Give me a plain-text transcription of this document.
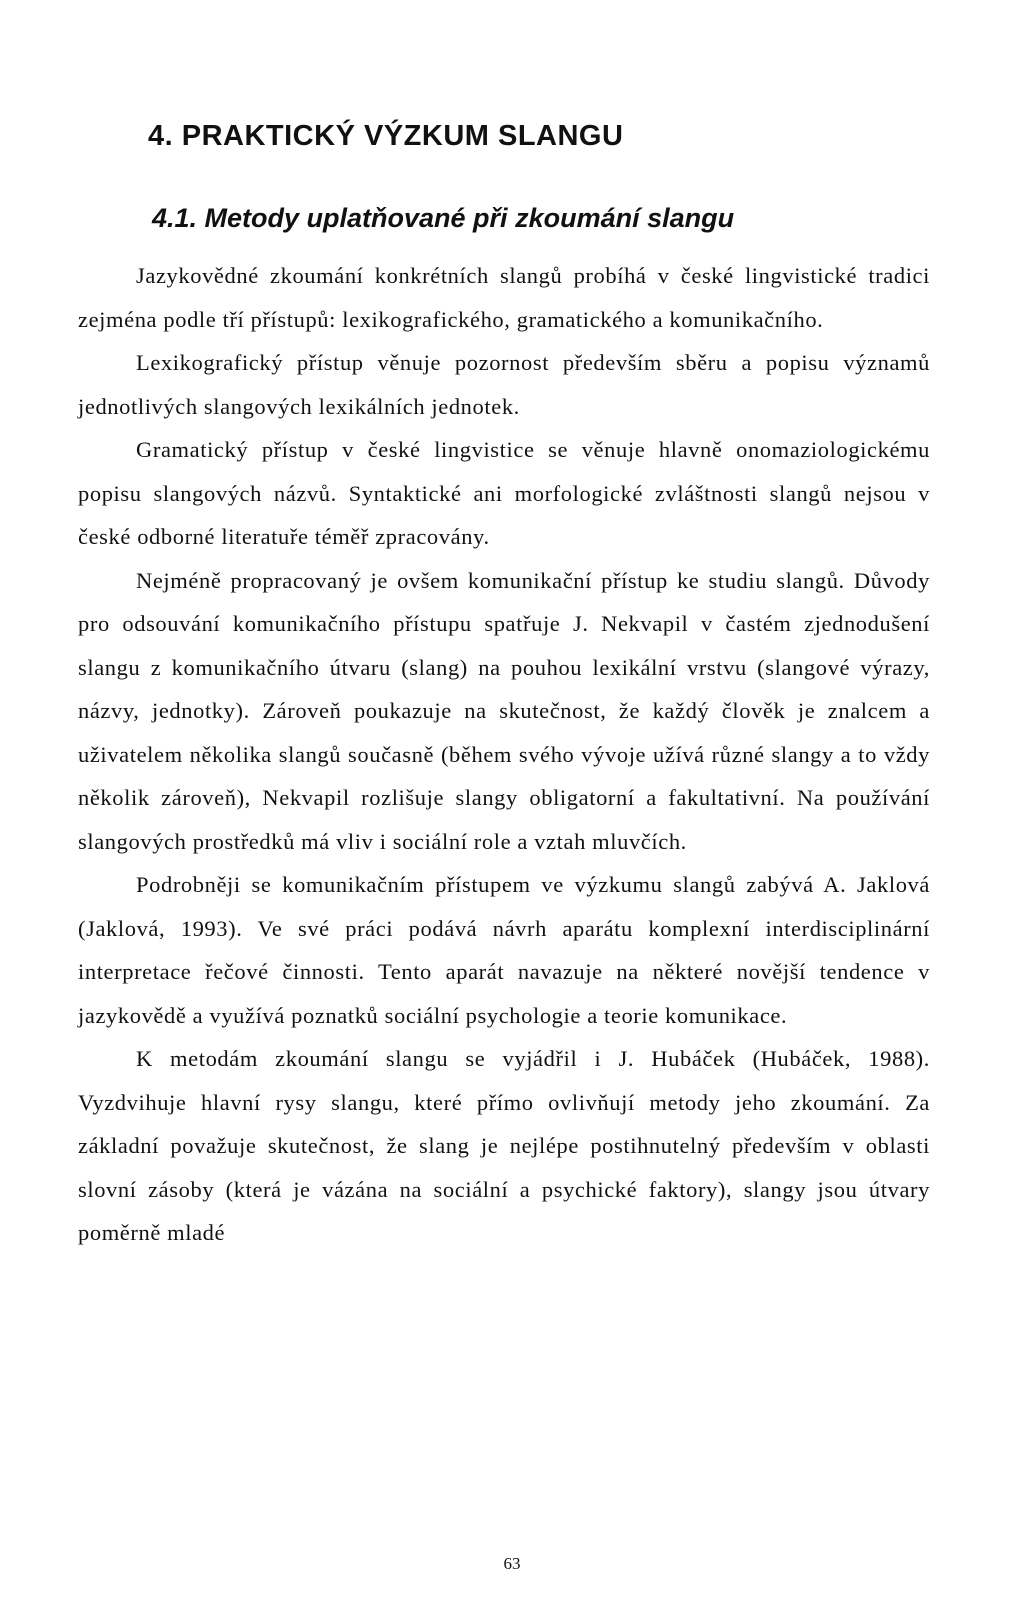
4. PRAKTICKÝ VÝZKUM SLANGU
4.1. Metody uplatňované při zkoumání slangu

Jazykovědné zkoumání konkrétních slangů probíhá v české lingvistické tradici zejména podle tří přístupů: lexikografického, gramatického a komunikačního.

Lexikografický přístup věnuje pozornost především sběru a popisu významů jednotlivých slangových lexikálních jednotek.

Gramatický přístup v české lingvistice se věnuje hlavně onomaziologickému popisu slangových názvů. Syntaktické ani morfologické zvláštnosti slangů nejsou v české odborné literatuře téměř zpracovány.

Nejméně propracovaný je ovšem komunikační přístup ke studiu slangů. Důvody pro odsouvání komunikačního přístupu spatřuje J. Nekvapil v častém zjednodušení slangu z komunikačního útvaru (slang) na pouhou lexikální vrstvu (slangové výrazy, názvy, jednotky). Zároveň poukazuje na skutečnost, že každý člověk je znalcem a uživatelem několika slangů současně (během svého vývoje užívá různé slangy a to vždy několik zároveň), Nekvapil rozlišuje slangy obligatorní a fakultativní. Na používání slangových prostředků má vliv i sociální role a vztah mluvčích.

Podrobněji se komunikačním přístupem ve výzkumu slangů zabývá A. Jaklová (Jaklová, 1993). Ve své práci podává návrh aparátu komplexní interdisciplinární interpretace řečové činnosti. Tento aparát navazuje na některé novější tendence v jazykovědě a využívá poznatků sociální psychologie a teorie komunikace.

K metodám zkoumání slangu se vyjádřil i J. Hubáček (Hubáček, 1988). Vyzdvihuje hlavní rysy slangu, které přímo ovlivňují metody jeho zkoumání. Za základní považuje skutečnost, že slang je nejlépe postihnutelný především v oblasti slovní zásoby (která je vázána na sociální a psychické faktory), slangy jsou útvary poměrně mladé

63
